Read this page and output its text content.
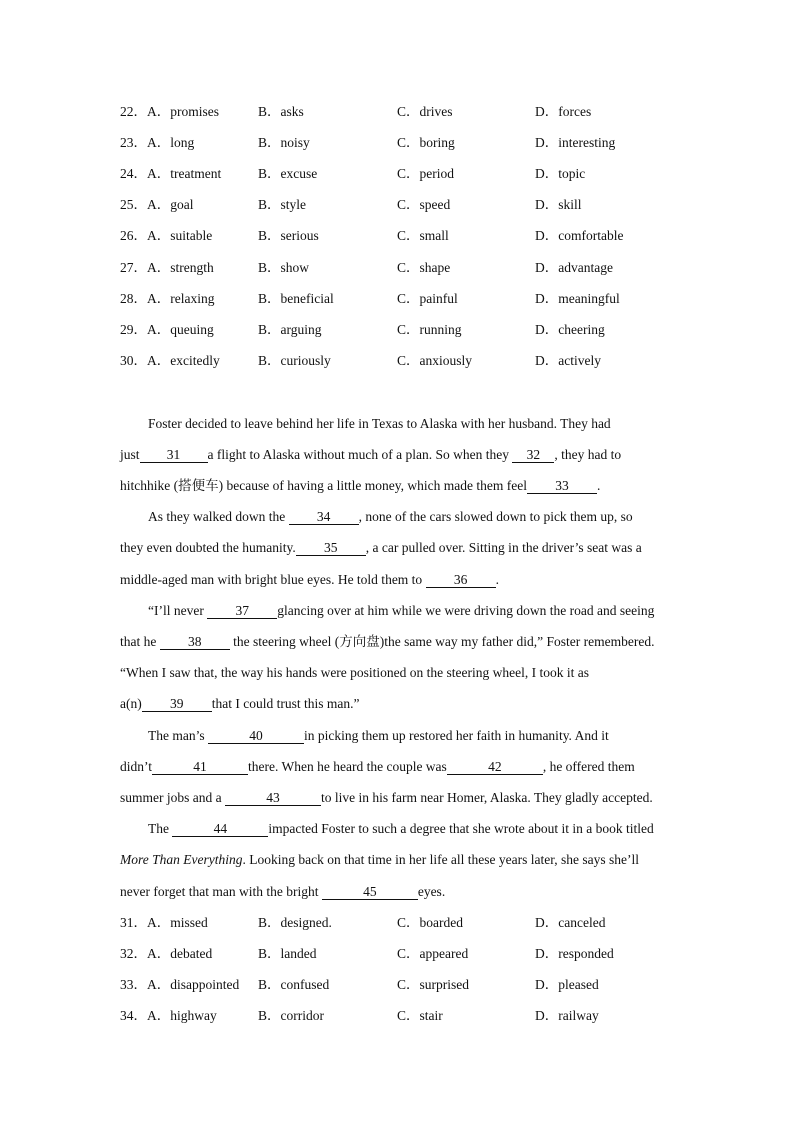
22．A．promises	B．asks	C．drives	D．forces
23．A．long	B．noisy	C．boring	D．interesting
24．A．treatment	B．excuse	C．period	D．topic
25．A．goal	B．style	C．speed	D．skill
26．A．suitable	B．serious	C．small	D．comfortable
27．A．strength	B．show	C．shape	D．advantage
28．A．relaxing	B．beneficial	C．painful	D．meaningful
29．A．queuing	B．arguing	C．running	D．cheering
30．A．excitedly	B．curiously	C．anxiously	D．actively
Foster decided to leave behind her life in Texas to Alaska with her husband. They had
just 31 a flight to Alaska without much of a plan. So when they 32 , they had to
hitchhike (搭便车) because of having a little money, which made them feel 33 .
As they walked down the 34 , none of the cars slowed down to pick them up, so
they even doubted the humanity. 35 , a car pulled over. Sitting in the driver’s seat was a
middle-aged man with bright blue eyes. He told them to 36 .
“I’ll never 37 glancing over at him while we were driving down the road and seeing
that he 38 the steering wheel (方向盘)the same way my father did,” Foster remembered.
“When I saw that, the way his hands were positioned on the steering wheel, I took it as
a(n) 39 that I could trust this man.”
The man’s	40	in picking them up restored her faith in humanity. And it
didn’t	41	there. When he heard the couple was	42	, he offered them
summer jobs and a	43	to live in his farm near Homer, Alaska. They gladly accepted.
The	44	impacted Foster to such a degree that she wrote about it in a book titled
More Than Everything. Looking back on that time in her life all these years later, she says she’ll
never forget that man with the bright	45	eyes.
31．A．missed	B．designed.	C．boarded	D．canceled
32．A．debated	B．landed	C．appeared	D．responded
33．A．disappointed B．confused	C．surprised	D．pleased
34．A．highway	B．corridor	C．stair	D．railway
